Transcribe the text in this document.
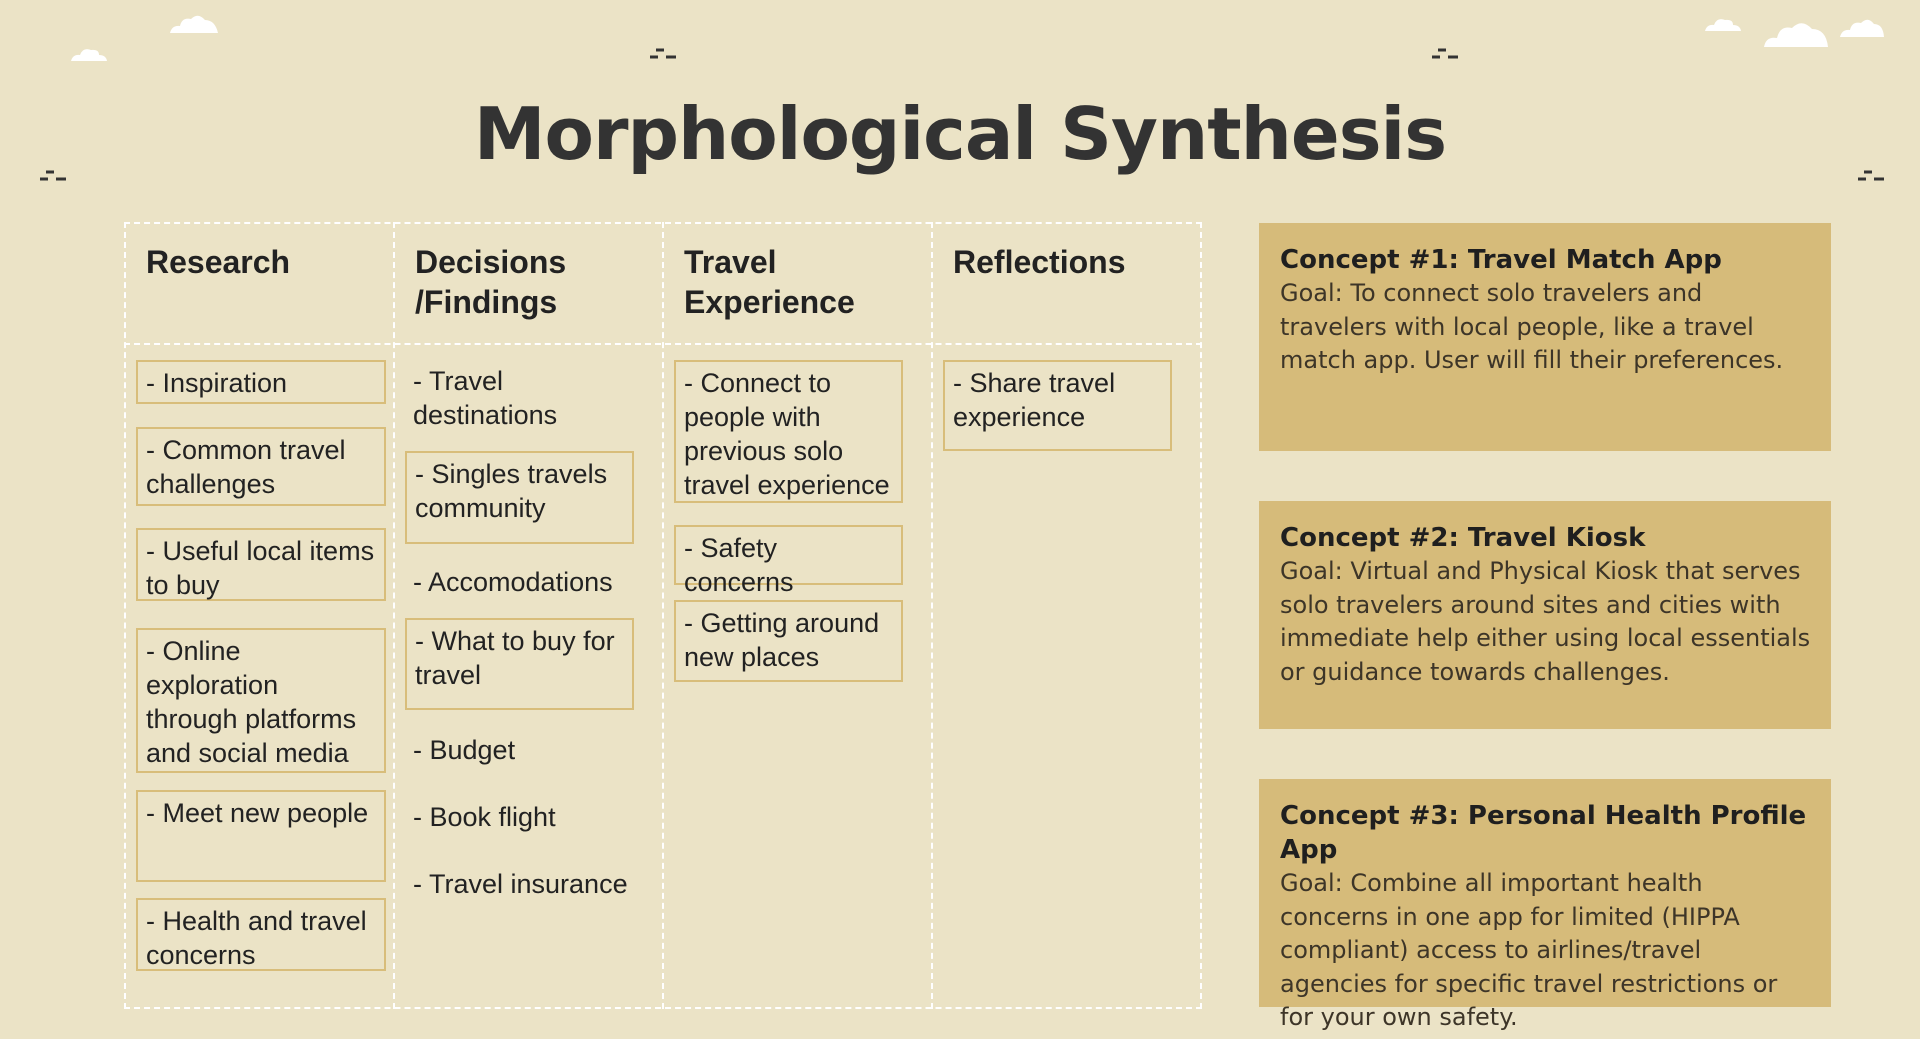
Morphological Synthesis
Research	Decisions /Findings
Travel Experience
Reflections
- Inspiration
- Common travel challenges
- Useful local items to buy
- Online exploration through platforms and social media
- Meet new people
- Health and travel concerns
- Travel destinations
- Singles travels community
- Accomodations
- What to buy for travel
- Budget
- Book flight
- Travel insurance
- Connect to people with previous solo travel experience
- Safety concerns
- Getting around new places
- Share travel experience
Concept #1: Travel Match App
Goal: To connect solo travelers and travelers with local people, like a travel match app. User will fill their preferences.
Concept #2: Travel Kiosk
Goal: Virtual and Physical Kiosk that serves solo travelers around sites and cities with immediate help either using local essentials or guidance towards challenges.
Concept #3: Personal Health Profile App
Goal: Combine all important health concerns in one app for limited (HIPPA compliant) access to airlines/travel agencies for specific travel restrictions or for your own safety.
